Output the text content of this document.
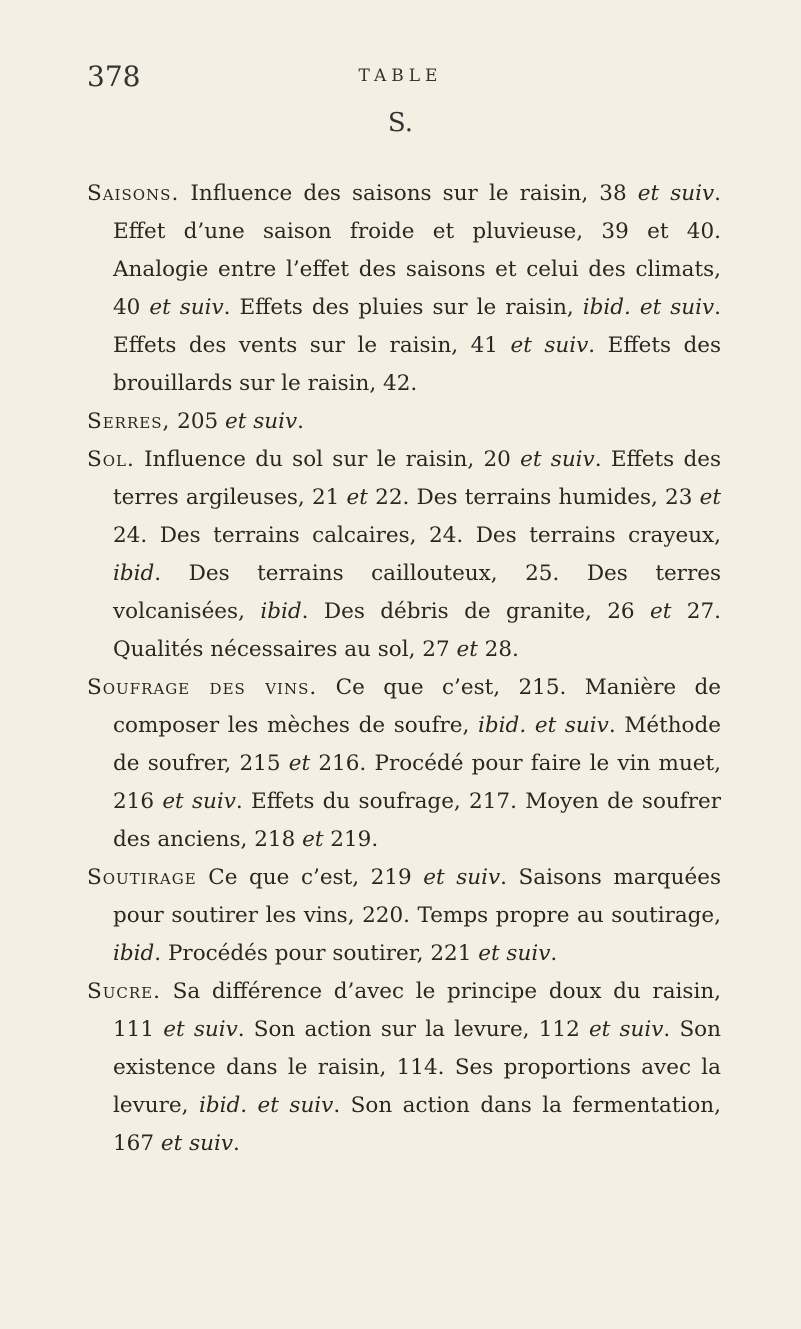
378	TABLE
S.

Saisons. Influence des saisons sur le raisin, 38 et suiv. Effet d’une saison froide et pluvieuse, 39 et 40. Analogie entre l’effet des saisons et celui des climats, 40 et suiv. Effets des pluies sur le raisin, ibid. et suiv. Effets des vents sur le raisin, 41 et suiv. Effets des brouillards sur le raisin, 42.

Serres, 205 et suiv.

Sol. Influence du sol sur le raisin, 20 et suiv. Effets des terres argileuses, 21 et 22. Des terrains humides, 23 et 24. Des terrains calcaires, 24. Des terrains crayeux, ibid. Des terrains caillouteux, 25. Des terres volcanisées, ibid. Des débris de granite, 26 et 27. Qualités nécessaires au sol, 27 et 28.

Soufrage des vins. Ce que c’est, 215. Manière de composer les mèches de soufre, ibid. et suiv. Méthode de soufrer, 215 et 216. Procédé pour faire le vin muet, 216 et suiv. Effets du soufrage, 217. Moyen de soufrer des anciens, 218 et 219.

Soutirage Ce que c’est, 219 et suiv. Saisons marquées pour soutirer les vins, 220. Temps propre au soutirage, ibid. Procédés pour soutirer, 221 et suiv.

Sucre. Sa différence d’avec le principe doux du raisin, 111 et suiv. Son action sur la levure, 112 et suiv. Son existence dans le raisin, 114. Ses proportions avec la levure, ibid. et suiv. Son action dans la fermentation, 167 et suiv.
